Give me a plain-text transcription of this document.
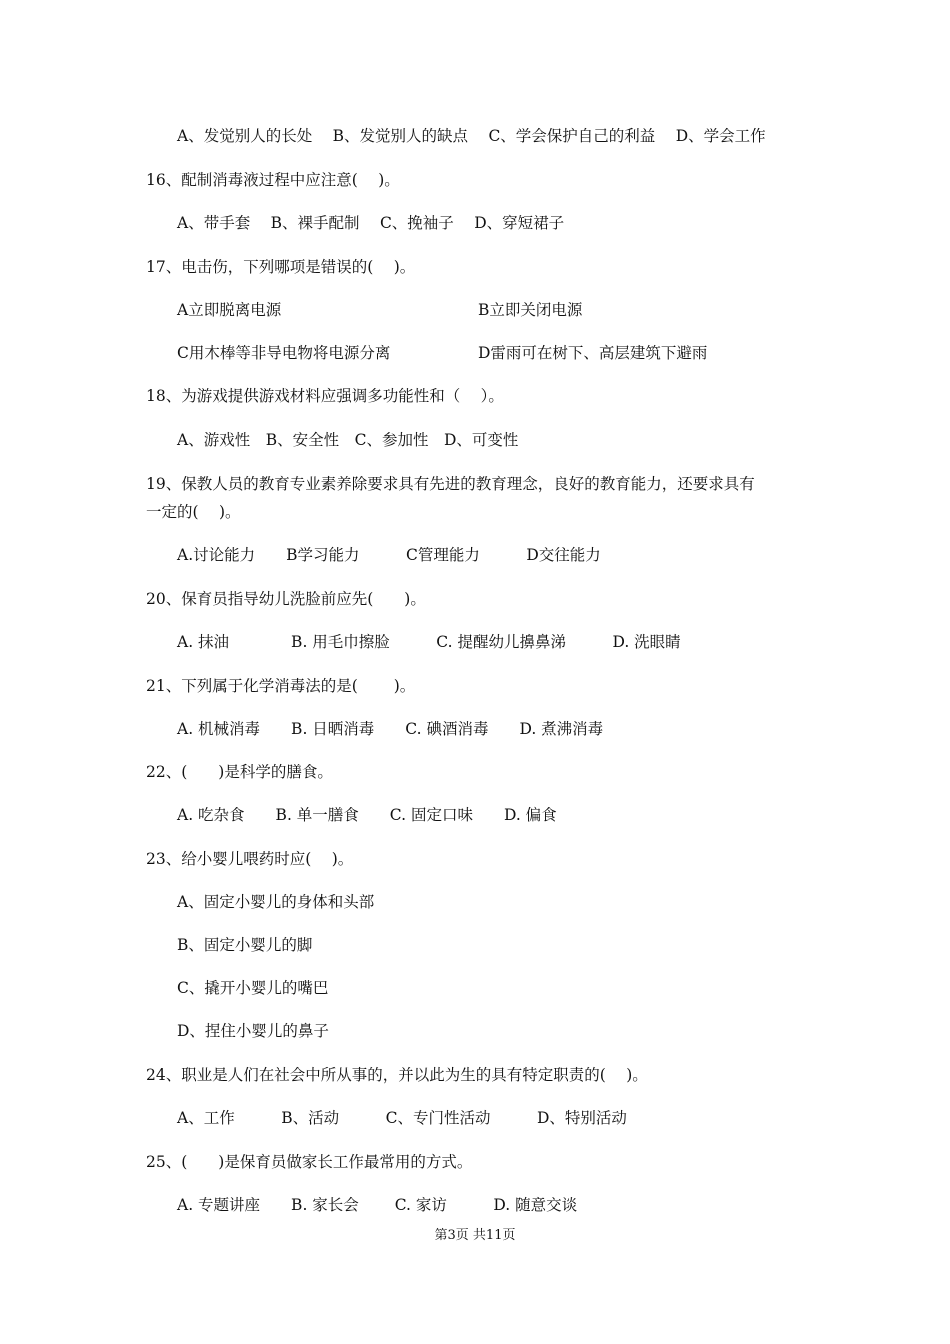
A、发觉别人的长处　 B、发觉别人的缺点　 C、学会保护自己的利益　 D、学会工作
16、配制消毒液过程中应注意(　 )。
A、带手套　 B、裸手配制　 C、挽袖子　 D、穿短裙子
17、电击伤，下列哪项是错误的(　 )。
A立即脱离电源	B立即关闭电源
C用木棒等非导电物将电源分离	D雷雨可在树下、高层建筑下避雨
18、为游戏提供游戏材料应强调多功能性和（　 ）。
A、游戏性　B、安全性　C、参加性　D、可变性
19、保教人员的教育专业素养除要求具有先进的教育理念，良好的教育能力，还要求具有
一定的(　 )。
A.讨论能力　　B学习能力　　　C管理能力　　　D交往能力
20、保育员指导幼儿洗脸前应先(　　)。
A. 抹油　　　　B. 用毛巾擦脸　　　C. 提醒幼儿擤鼻涕　　　D. 洗眼睛
21、下列属于化学消毒法的是(　　 )。
A. 机械消毒　　B. 日晒消毒　　C. 碘酒消毒　　D. 煮沸消毒
22、(　　)是科学的膳食。
A. 吃杂食　　B. 单一膳食　　C. 固定口味　　D. 偏食
23、给小婴儿喂药时应(　 )。
A、固定小婴儿的身体和头部
B、固定小婴儿的脚
C、撬开小婴儿的嘴巴
D、捏住小婴儿的鼻子
24、职业是人们在社会中所从事的，并以此为生的具有特定职责的(　 )。
A、工作　　　B、活动　　　C、专门性活动　　　D、特别活动
25、(　　)是保育员做家长工作最常用的方式。
A. 专题讲座　　B. 家长会　　 C. 家访　　　D. 随意交谈
第3页 共11页
